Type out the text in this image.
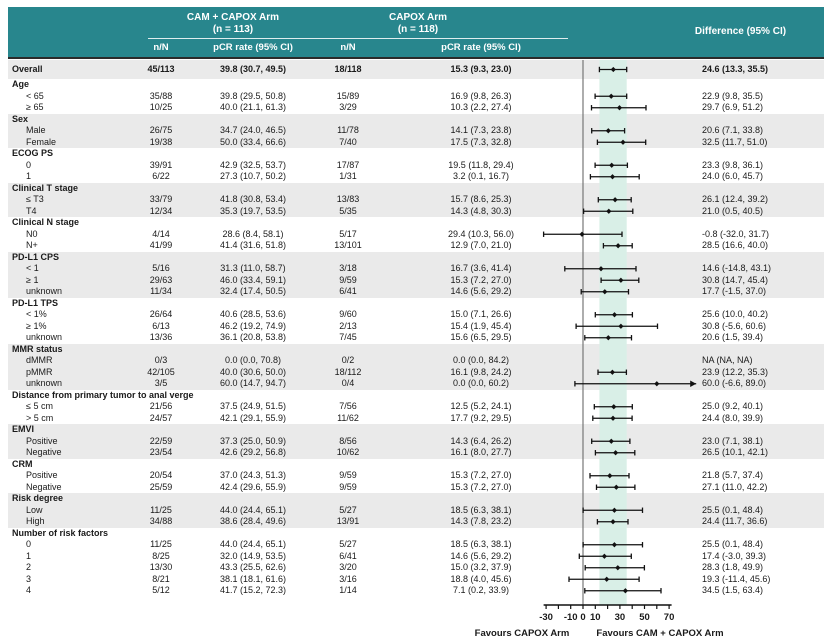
CAM + CAPOX Arm
(n = 113)
CAPOX Arm
(n = 118)	Difference (95% CI)
n/N	pCR rate (95% CI)	n/N	pCR rate (95% CI)
Overall	45/113	39.8 (30.7, 49.5)	18/118	15.3 (9.3, 23.0)	24.6 (13.3, 35.5)
Age
< 65	35/88	39.8 (29.5, 50.8)	15/89	16.9 (9.8, 26.3)	22.9 (9.8, 35.5)
≥ 65	10/25	40.0 (21.1, 61.3)	3/29	10.3 (2.2, 27.4)	29.7 (6.9, 51.2)
Sex
Male	26/75	34.7 (24.0, 46.5)	11/78	14.1 (7.3, 23.8)	20.6 (7.1, 33.8)
Female	19/38	50.0 (33.4, 66.6)	7/40	17.5 (7.3, 32.8)	32.5 (11.7, 51.0)
ECOG PS
0	39/91	42.9 (32.5, 53.7)	17/87	19.5 (11.8, 29.4)	23.3 (9.8, 36.1)
1	6/22	27.3 (10.7, 50.2)	1/31	3.2 (0.1, 16.7)	24.0 (6.0, 45.7)
Clinical T stage
≤ T3	33/79	41.8 (30.8, 53.4)	13/83	15.7 (8.6, 25.3)	26.1 (12.4, 39.2)
T4	12/34	35.3 (19.7, 53.5)	5/35	14.3 (4.8, 30.3)	21.0 (0.5, 40.5)
Clinical N stage
N0	4/14	28.6 (8.4, 58.1)	5/17	29.4 (10.3, 56.0)	-0.8 (-32.0, 31.7)
N+	41/99	41.4 (31.6, 51.8)	13/101	12.9 (7.0, 21.0)	28.5 (16.6, 40.0)
PD-L1 CPS
< 1	5/16	31.3 (11.0, 58.7)	3/18	16.7 (3.6, 41.4)	14.6 (-14.8, 43.1)
≥ 1	29/63	46.0 (33.4, 59.1)	9/59	15.3 (7.2, 27.0)	30.8 (14.7, 45.4)
unknown	11/34	32.4 (17.4, 50.5)	6/41	14.6 (5.6, 29.2)	17.7 (-1.5, 37.0)
PD-L1 TPS
< 1%	26/64	40.6 (28.5, 53.6)	9/60	15.0 (7.1, 26.6)	25.6 (10.0, 40.2)
≥ 1%	6/13	46.2 (19.2, 74.9)	2/13	15.4 (1.9, 45.4)	30.8 (-5.6, 60.6)
unknown	13/36	36.1 (20.8, 53.8)	7/45	15.6 (6.5, 29.5)	20.6 (1.5, 39.4)
MMR status
dMMR	0/3	0.0 (0.0, 70.8)	0/2	0.0 (0.0, 84.2)	NA (NA, NA)
pMMR	42/105	40.0 (30.6, 50.0)	18/112	16.1 (9.8, 24.2)	23.9 (12.2, 35.3)
unknown	3/5	60.0 (14.7, 94.7)	0/4	0.0 (0.0, 60.2)	60.0 (-6.6, 89.0)
Distance from primary tumor to anal verge
≤ 5 cm	21/56	37.5 (24.9, 51.5)	7/56	12.5 (5.2, 24.1)	25.0 (9.2, 40.1)
> 5 cm	24/57	42.1 (29.1, 55.9)	11/62	17.7 (9.2, 29.5)	24.4 (8.0, 39.9)
EMVI
Positive	22/59	37.3 (25.0, 50.9)	8/56	14.3 (6.4, 26.2)	23.0 (7.1, 38.1)
Negative	23/54	42.6 (29.2, 56.8)	10/62	16.1 (8.0, 27.7)	26.5 (10.1, 42.1)
CRM
Positive	20/54	37.0 (24.3, 51.3)	9/59	15.3 (7.2, 27.0)	21.8 (5.7, 37.4)
Negative	25/59	42.4 (29.6, 55.9)	9/59	15.3 (7.2, 27.0)	27.1 (11.0, 42.2)
Risk degree
Low	11/25	44.0 (24.4, 65.1)	5/27	18.5 (6.3, 38.1)	25.5 (0.1, 48.4)
High	34/88	38.6 (28.4, 49.6)	13/91	14.3 (7.8, 23.2)	24.4 (11.7, 36.6)
Number of risk factors
0	11/25	44.0 (24.4, 65.1)	5/27	18.5 (6.3, 38.1)	25.5 (0.1, 48.4)
1	8/25	32.0 (14.9, 53.5)	6/41	14.6 (5.6, 29.2)	17.4 (-3.0, 39.3)
2	13/30	43.3 (25.5, 62.6)	3/20	15.0 (3.2, 37.9)	28.3 (1.8, 49.9)
3	8/21	38.1 (18.1, 61.6)	3/16	18.8 (4.0, 45.6)	19.3 (-11.4, 45.6)
4	5/12	41.7 (15.2, 72.3)	1/14	7.1 (0.2, 33.9)	34.5 (1.5, 63.4)
-30 -10 0 10 30 50 70
Favours CAPOX Arm	Favours CAM + CAPOX Arm
